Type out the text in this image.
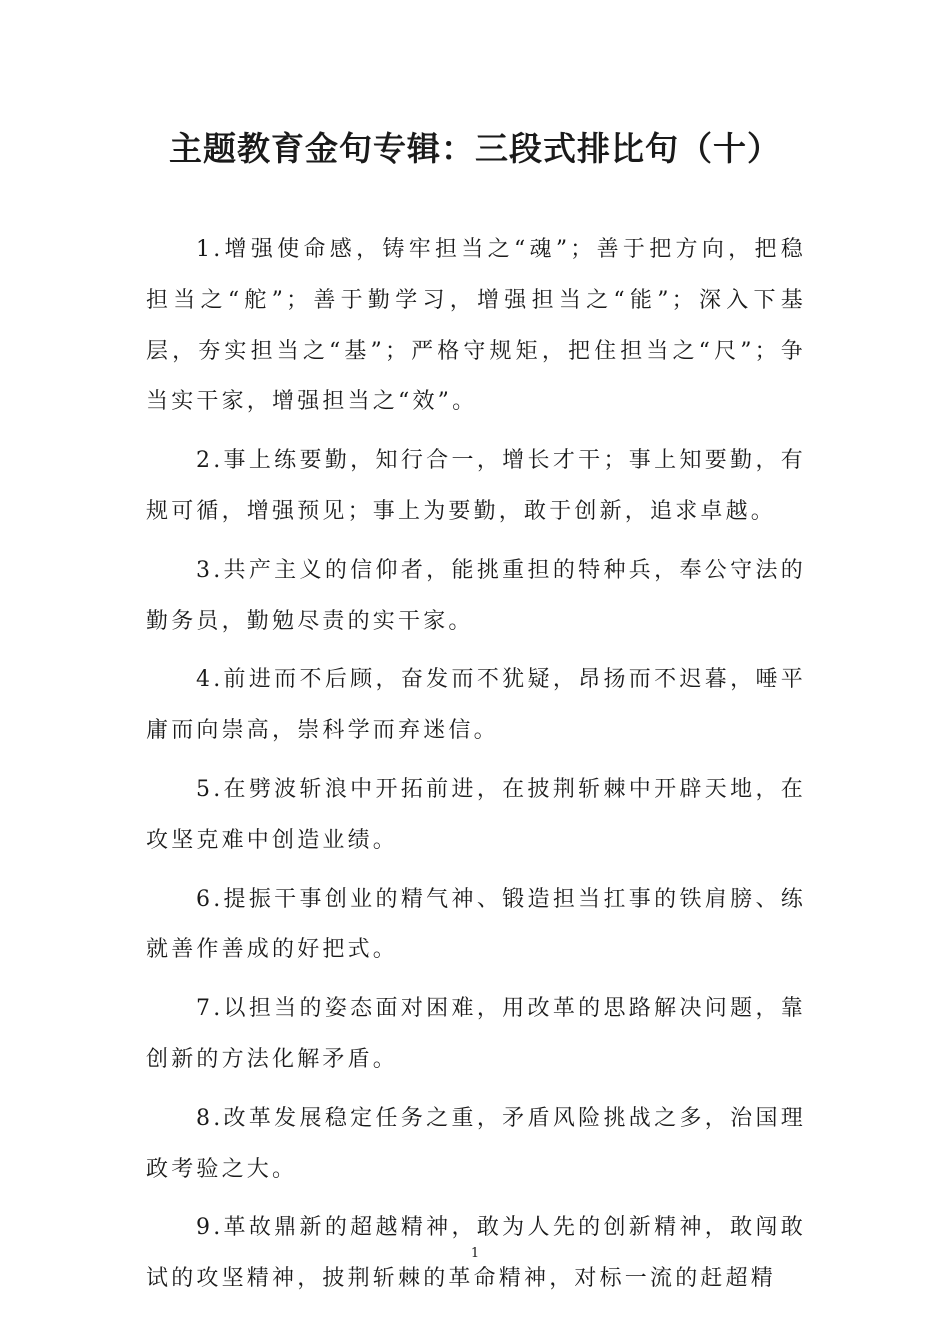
主题教育金句专辑：三段式排比句（十）

1.增强使命感，铸牢担当之“魂”；善于把方向，把稳担当之“舵”；善于勤学习，增强担当之“能”；深入下基层，夯实担当之“基”；严格守规矩，把住担当之“尺”；争当实干家，增强担当之“效”。

2.事上练要勤，知行合一，增长才干；事上知要勤，有规可循，增强预见；事上为要勤，敢于创新，追求卓越。

3.共产主义的信仰者，能挑重担的特种兵，奉公守法的勤务员，勤勉尽责的实干家。

4.前进而不后顾，奋发而不犹疑，昂扬而不迟暮，唾平庸而向崇高，崇科学而弃迷信。

5.在劈波斩浪中开拓前进，在披荆斩棘中开辟天地，在攻坚克难中创造业绩。

6.提振干事创业的精气神、锻造担当扛事的铁肩膀、练就善作善成的好把式。

7.以担当的姿态面对困难，用改革的思路解决问题，靠创新的方法化解矛盾。

8.改革发展稳定任务之重，矛盾风险挑战之多，治国理政考验之大。

9.革故鼎新的超越精神，敢为人先的创新精神，敢闯敢试的攻坚精神，披荆斩棘的革命精神，对标一流的赶超精

1
